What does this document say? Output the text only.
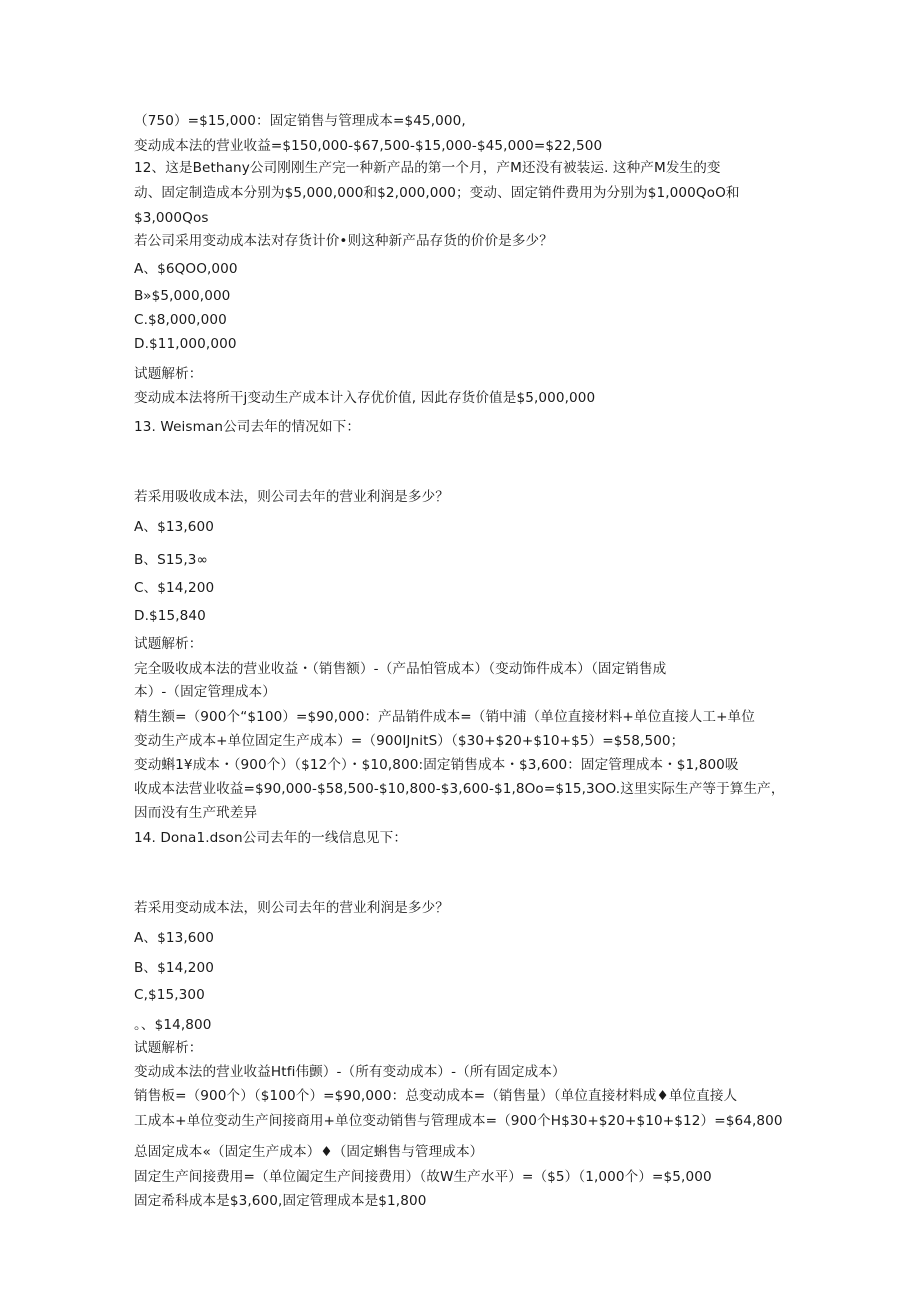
（750）=$15,000：固定销售与管理成本=$45,000,

变动成本法的营业收益=$150,000-$67,500-$15,000-$45,000=$22,500

12、这是Bethany公司刚刚生产完一种新产品的第一个月，产M还没有被装运. 这种产M发生的变

动、固定制造成本分别为$5,000,000和$2,000,000；变动、固定销件费用为分别为$1,000QoO和

$3,000Qos

若公司采用变动成本法对存货计价•则这种新产品存货的价价是多少？

A、$6QOO,000

B»$5,000,000

C.$8,000,000

D.$11,000,000

试题解析：

变动成本法将所干j变动生产成本计入存优价值, 因此存货价值是$5,000,000

13. Weisman公司去年的情况如下：

若采用吸收成本法，则公司去年的营业利润是多少？

A、$13,600

B、S15,3∞

C、$14,200

D.$15,840

试题解析：

完全吸收成本法的营业收益・（销售额）-（产品怕管成本）（变动饰件成本）（固定销售成

本）-（固定管理成本）

精生额=（900个“$100）=$90,000：产品销件成本=（销中浦（单位直接材料+单位直接人工+单位

变动生产成本+单位固定生产成本）=（900IJnitS）（$30+$20+$10+$5）=$58,500；

变动蝌1¥成本・（900个）（$12个）・$10,800:固定销售成本・$3,600：固定管理成本・$1,800吸

收成本法营业收益=$90,000-$58,500-$10,800-$3,600-$1,8Oo=$15,3OO.这里实际生产等于算生产，

因而没有生产玳差异

14. Dona1.dson公司去年的一线信息见下：

若采用变动成本法，则公司去年的营业利润是多少？

A、$13,600

B、$14,200

C,$15,300

。、$14,800

试题解析：

变动成本法的营业收益Htfi伟颤）-（所有变动成本）-（所有固定成本）

销售板=（900个）（$100个）=$90,000：总变动成本=（销售量）（单位直接材料成♦单位直接人

工成本+单位变动生产间接商用+单位变动销售与管理成本=（900个H$30+$20+$10+$12）=$64,800

总固定成本«（固定生产成本）♦（固定蝌售与管理成本）

固定生产间接费用=（单位阖定生产间接费用）（故W生产水平）=（$5）（1,000个）=$5,000

固定希科成本是$3,600,固定管理成本是$1,800
